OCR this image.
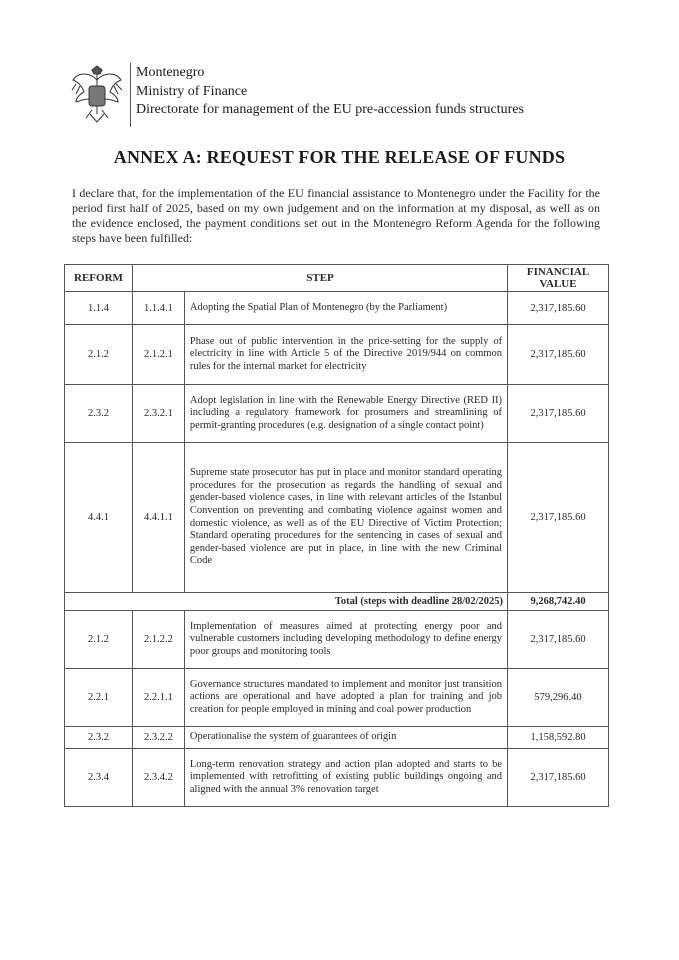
Montenegro
Ministry of Finance
Directorate for management of the EU pre-accession funds structures
ANNEX A: REQUEST FOR THE RELEASE OF FUNDS
I declare that, for the implementation of the EU financial assistance to Montenegro under the Facility for the period first half of 2025, based on my own judgement and on the information at my disposal, as well as on the evidence enclosed, the payment conditions set out in the Montenegro Reform Agenda for the following steps have been fulfilled:
REFORM	STEP		FINANCIAL VALUE
1.1.4	1.1.4.1	Adopting the Spatial Plan of Montenegro (by the Parliament)	2,317,185.60
2.1.2	2.1.2.1	Phase out of public intervention in the price-setting for the supply of electricity in line with Article 5 of the Directive 2019/944 on common rules for the internal market for electricity	2,317,185.60
2.3.2	2.3.2.1	Adopt legislation in line with the Renewable Energy Directive (RED II) including a regulatory framework for prosumers and streamlining of permit-granting procedures (e.g. designation of a single contact point)	2,317,185.60
4.4.1	4.4.1.1	Supreme state prosecutor has put in place and monitor standard operating procedures for the prosecution as regards the handling of sexual and gender-based violence cases, in line with relevant articles of the Istanbul Convention on preventing and combating violence against women and domestic violence, as well as of the EU Directive of Victim Protection; Standard operating procedures for the sentencing in cases of sexual and gender-based violence are put in place, in line with the new Criminal Code	2,317,185.60
Total (steps with deadline 28/02/2025)			9,268,742.40
2.1.2	2.1.2.2	Implementation of measures aimed at protecting energy poor and vulnerable customers including developing methodology to define energy poor groups and monitoring tools	2,317,185.60
2.2.1	2.2.1.1	Governance structures mandated to implement and monitor just transition actions are operational and have adopted a plan for training and job creation for people employed in mining and coal power production	579,296.40
2.3.2	2.3.2.2	Operationalise the system of guarantees of origin	1,158,592.80
2.3.4	2.3.4.2	Long-term renovation strategy and action plan adopted and starts to be implemented with retrofitting of existing public buildings ongoing and aligned with the annual 3% renovation target	2,317,185.60
